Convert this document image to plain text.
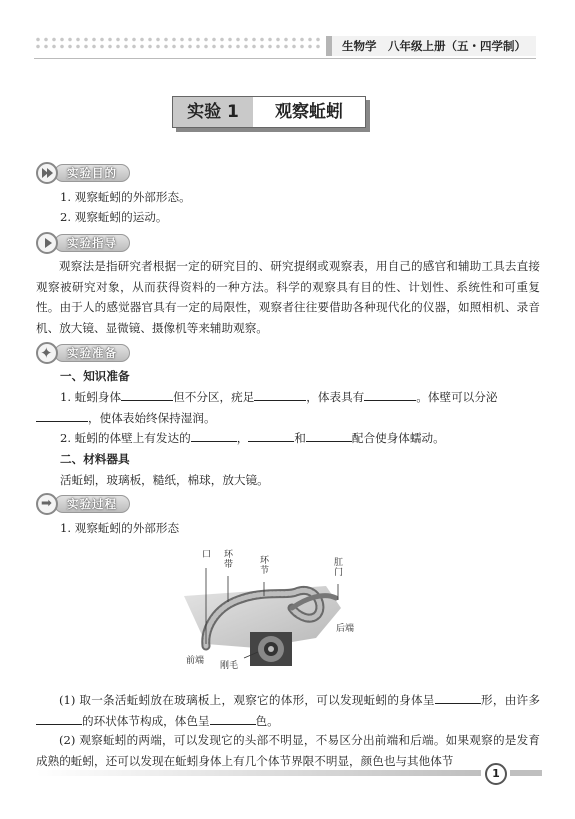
生物学　八年级上册（五・四学制）
实验 1	观察蚯蚓
实验目的
1. 观察蚯蚓的外部形态。
2. 观察蚯蚓的运动。
实验指导
观察法是指研究者根据一定的研究目的、研究提纲或观察表，用自己的感官和辅助工具去直接观察被研究对象，从而获得资料的一种方法。科学的观察具有目的性、计划性、系统性和可重复性。由于人的感觉器官具有一定的局限性，观察者往往要借助各种现代化的仪器，如照相机、录音机、放大镜、显微镜、摄像机等来辅助观察。
✦	实验准备
一、知识准备
1. 蚯蚓身体	但不分区，疣足	，体表具有	。体壁可以分泌
，使体表始终保持湿润。
2. 蚯蚓的体壁上有发达的	，	和	配合使身体蠕动。
二、材料器具
活蚯蚓，玻璃板，糙纸，棉球，放大镜。
➡	实验过程
1. 观察蚯蚓的外部形态
口 环带	环节
肛门
后端
前端 刚毛
(1) 取一条活蚯蚓放在玻璃板上，观察它的体形，可以发现蚯蚓的身体呈	形，由许多的环状体节构成，体色呈	色。
(2) 观察蚯蚓的两端，可以发现它的头部不明显，不易区分出前端和后端。如果观察的是发育成熟的蚯蚓，还可以发现在蚯蚓身体上有几个体节界限不明显，颜色也与其他体节
1
